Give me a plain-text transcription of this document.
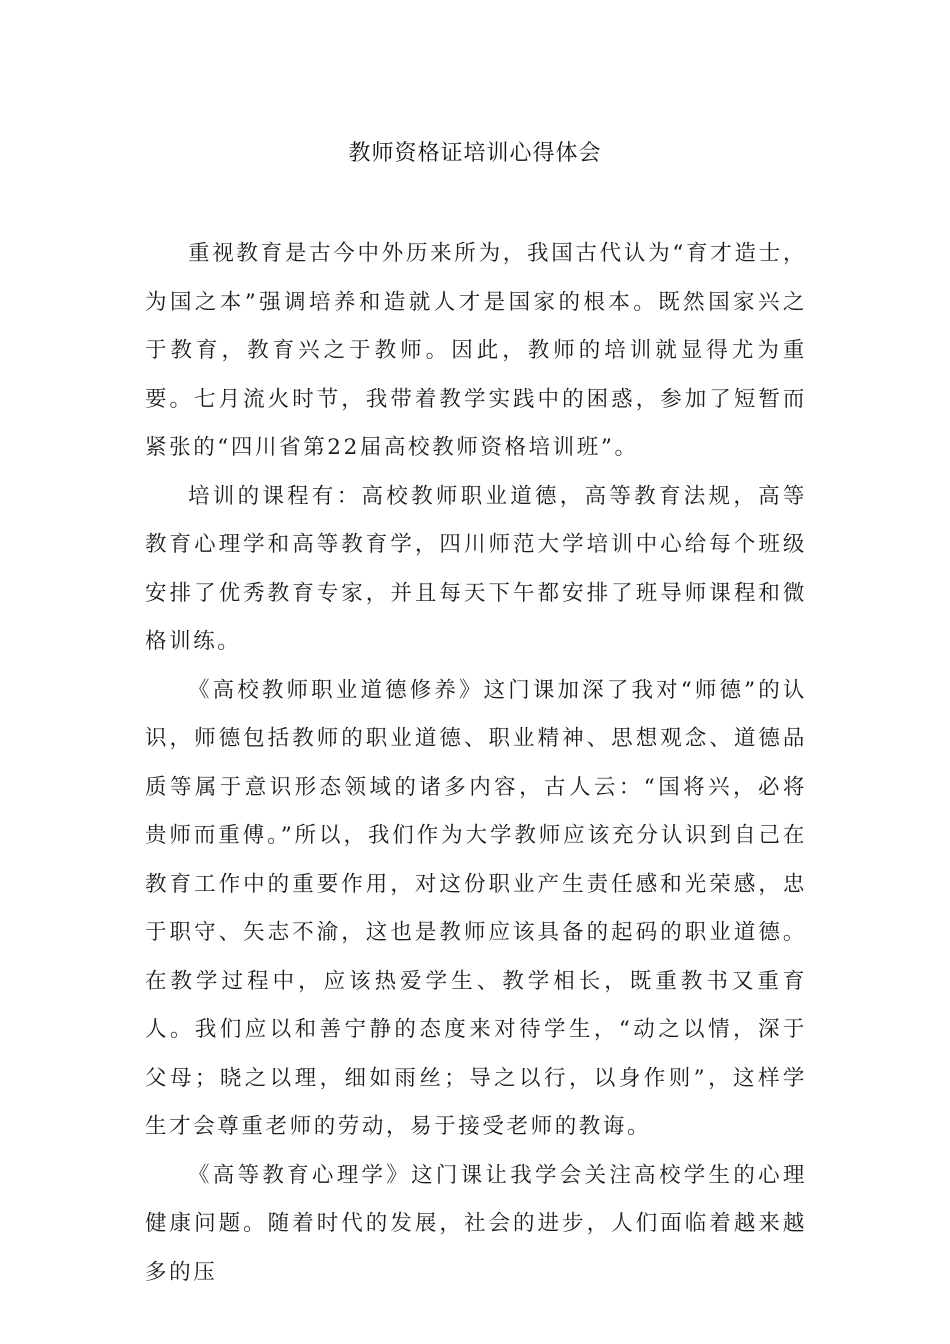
教师资格证培训心得体会

重视教育是古今中外历来所为，我国古代认为“育才造士，为国之本”强调培养和造就人才是国家的根本。既然国家兴之于教育，教育兴之于教师。因此，教师的培训就显得尤为重要。七月流火时节，我带着教学实践中的困惑，参加了短暂而紧张的“四川省第22届高校教师资格培训班”。

培训的课程有：高校教师职业道德，高等教育法规，高等教育心理学和高等教育学，四川师范大学培训中心给每个班级安排了优秀教育专家，并且每天下午都安排了班导师课程和微格训练。

《高校教师职业道德修养》这门课加深了我对“师德”的认识，师德包括教师的职业道德、职业精神、思想观念、道德品质等属于意识形态领域的诸多内容，古人云：“国将兴，必将贵师而重傅。”所以，我们作为大学教师应该充分认识到自己在教育工作中的重要作用，对这份职业产生责任感和光荣感，忠于职守、矢志不渝，这也是教师应该具备的起码的职业道德。在教学过程中，应该热爱学生、教学相长，既重教书又重育人。我们应以和善宁静的态度来对待学生，“动之以情，深于父母；晓之以理，细如雨丝；导之以行，以身作则”，这样学生才会尊重老师的劳动，易于接受老师的教诲。

《高等教育心理学》这门课让我学会关注高校学生的心理健康问题。随着时代的发展，社会的进步，人们面临着越来越多的压
